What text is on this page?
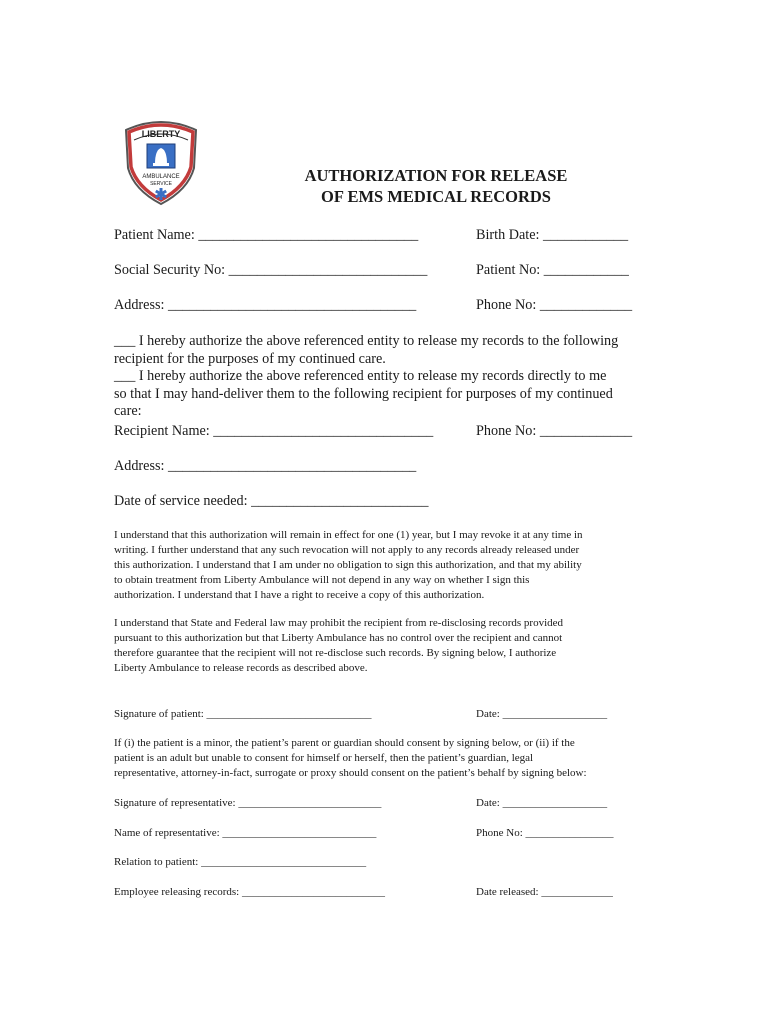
LIBERTY
AMBULANCE
SERVICE	AUTHORIZATION FOR RELEASE
OF EMS MEDICAL RECORDS
Patient Name: _______________________________	Birth Date: ____________
Social Security No: ____________________________	Patient No: ____________
Address: ___________________________________	Phone No: _____________
___ I hereby authorize the above referenced entity to release my records to the following
recipient for the purposes of my continued care.
___ I hereby authorize the above referenced entity to release my records directly to me
so that I may hand-deliver them to the following recipient for purposes of my continued
care:
Recipient Name: _______________________________	Phone No: _____________
Address: ___________________________________
Date of service needed: _________________________
I understand that this authorization will remain in effect for one (1) year, but I may revoke it at any time in
writing. I further understand that any such revocation will not apply to any records already released under
this authorization. I understand that I am under no obligation to sign this authorization, and that my ability
to obtain treatment from Liberty Ambulance will not depend in any way on whether I sign this
authorization. I understand that I have a right to receive a copy of this authorization.
I understand that State and Federal law may prohibit the recipient from re-disclosing records provided
pursuant to this authorization but that Liberty Ambulance has no control over the recipient and cannot
therefore guarantee that the recipient will not re-disclose such records. By signing below, I authorize
Liberty Ambulance to release records as described above.
Signature of patient: ______________________________	Date: ___________________
If (i) the patient is a minor, the patient’s parent or guardian should consent by signing below, or (ii) if the
patient is an adult but unable to consent for himself or herself, then the patient’s guardian, legal
representative, attorney-in-fact, surrogate or proxy should consent on the patient’s behalf by signing below:
Signature of representative: __________________________	Date: ___________________
Name of representative: ____________________________	Phone No: ________________
Relation to patient: ______________________________
Employee releasing records: __________________________	Date released: _____________
